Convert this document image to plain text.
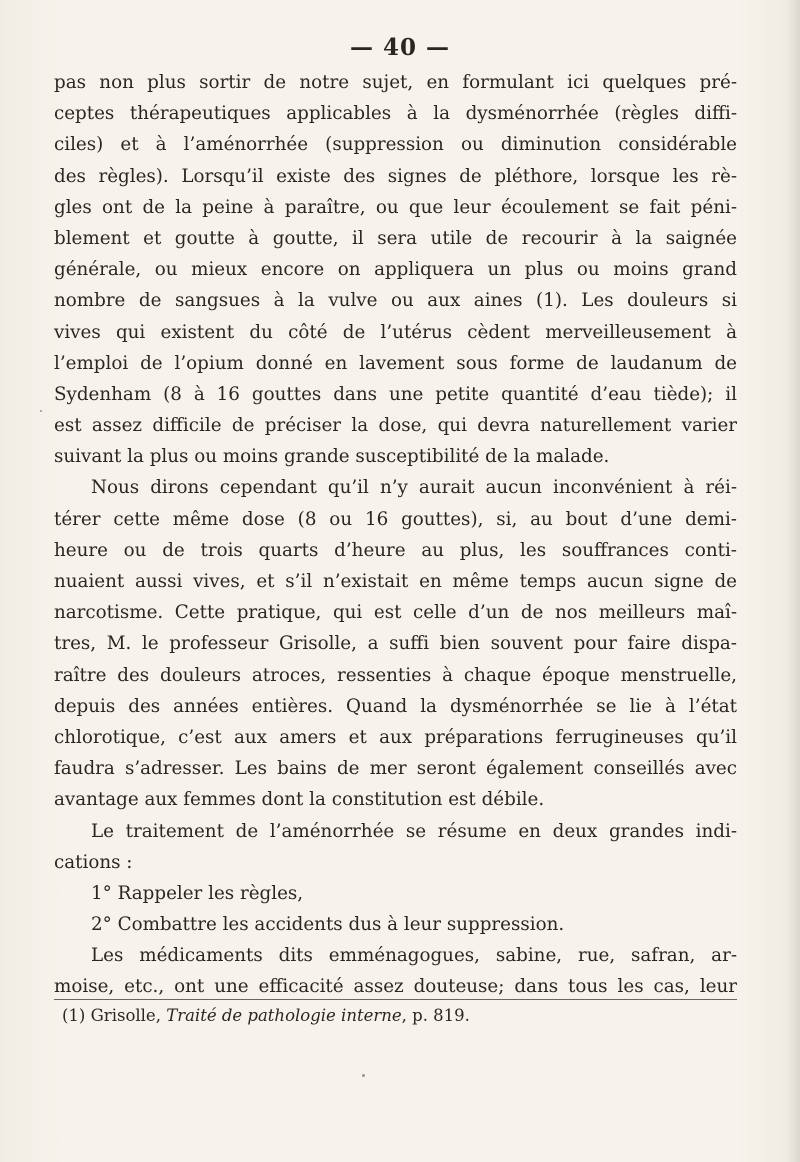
— 40 —
pas non plus sortir de notre sujet, en formulant ici quelques pré-
ceptes thérapeutiques applicables à la dysménorrhée (règles diffi-
ciles) et à l’aménorrhée (suppression ou diminution considérable
des règles). Lorsqu’il existe des signes de pléthore, lorsque les rè-
gles ont de la peine à paraître, ou que leur écoulement se fait péni-
blement et goutte à goutte, il sera utile de recourir à la saignée
générale, ou mieux encore on appliquera un plus ou moins grand
nombre de sangsues à la vulve ou aux aines (1). Les douleurs si
vives qui existent du côté de l’utérus cèdent merveilleusement à
l’emploi de l’opium donné en lavement sous forme de laudanum de
Sydenham (8 à 16 gouttes dans une petite quantité d’eau tiède); il
est assez difficile de préciser la dose, qui devra naturellement varier
suivant la plus ou moins grande susceptibilité de la malade.
Nous dirons cependant qu’il n’y aurait aucun inconvénient à réi-
térer cette même dose (8 ou 16 gouttes), si, au bout d’une demi-
heure ou de trois quarts d’heure au plus, les souffrances conti-
nuaient aussi vives, et s’il n’existait en même temps aucun signe de
narcotisme. Cette pratique, qui est celle d’un de nos meilleurs maî-
tres, M. le professeur Grisolle, a suffi bien souvent pour faire dispa-
raître des douleurs atroces, ressenties à chaque époque menstruelle,
depuis des années entières. Quand la dysménorrhée se lie à l’état
chlorotique, c’est aux amers et aux préparations ferrugineuses qu’il
faudra s’adresser. Les bains de mer seront également conseillés avec
avantage aux femmes dont la constitution est débile.
Le traitement de l’aménorrhée se résume en deux grandes indi-
cations :
1° Rappeler les règles,
2° Combattre les accidents dus à leur suppression.
Les médicaments dits emménagogues, sabine, rue, safran, ar-
moise, etc., ont une efficacité assez douteuse; dans tous les cas, leur
(1) Grisolle, Traité de pathologie interne, p. 819.
